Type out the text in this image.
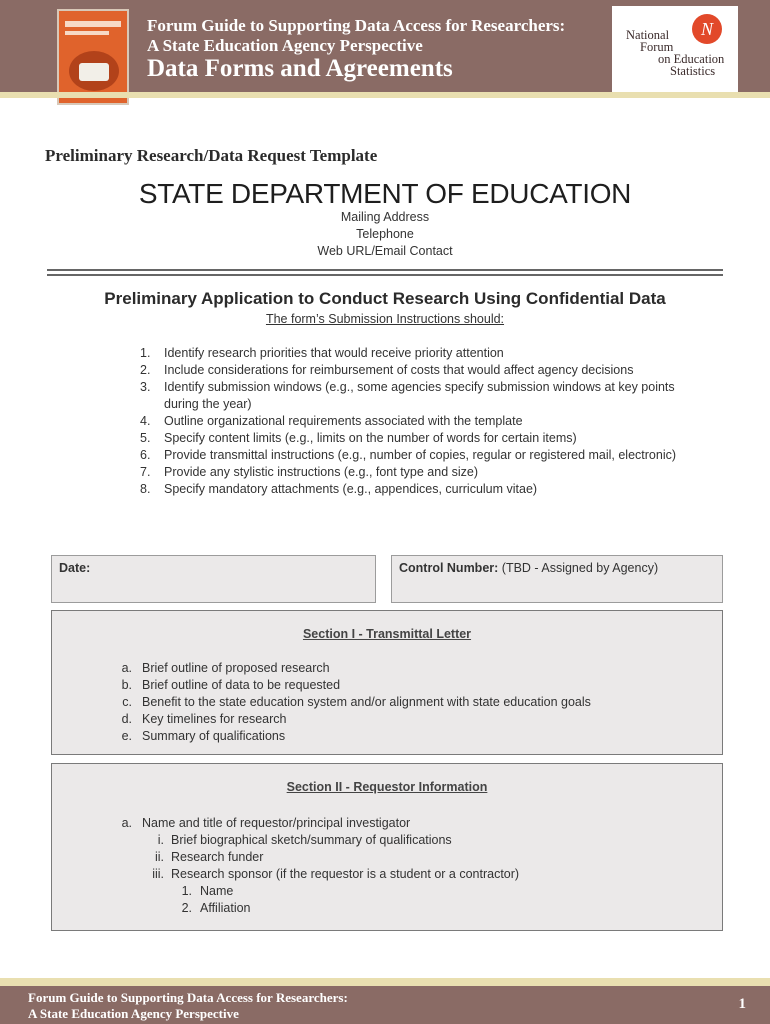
Forum Guide to Supporting Data Access for Researchers:
A State Education Agency Perspective
Data Forms and Agreements
N
National
Forum
on Education
Statistics
Preliminary Research/Data Request Template
STATE DEPARTMENT OF EDUCATION
Mailing Address
Telephone
Web URL/Email Contact
Preliminary Application to Conduct Research Using Confidential Data
The form’s Submission Instructions should:
1. Identify research priorities that would receive priority attention
2. Include considerations for reimbursement of costs that would affect agency decisions
3. Identify submission windows (e.g., some agencies specify submission windows at key points during the year)
4. Outline organizational requirements associated with the template
5. Specify content limits (e.g., limits on the number of words for certain items)
6. Provide transmittal instructions (e.g., number of copies, regular or registered mail, electronic)
7. Provide any stylistic instructions (e.g., font type and size)
8. Specify mandatory attachments (e.g., appendices, curriculum vitae)
Date:	Control Number: (TBD - Assigned by Agency)
Section I - Transmittal Letter
a. Brief outline of proposed research
b. Brief outline of data to be requested
c. Benefit to the state education system and/or alignment with state education goals
d. Key timelines for research
e. Summary of qualifications
Section II - Requestor Information
a. Name and title of requestor/principal investigator
i. Brief biographical sketch/summary of qualifications
ii. Research funder
iii. Research sponsor (if the requestor is a student or a contractor)
1. Name
2. Affiliation
Forum Guide to Supporting Data Access for Researchers:
A State Education Agency Perspective
1
